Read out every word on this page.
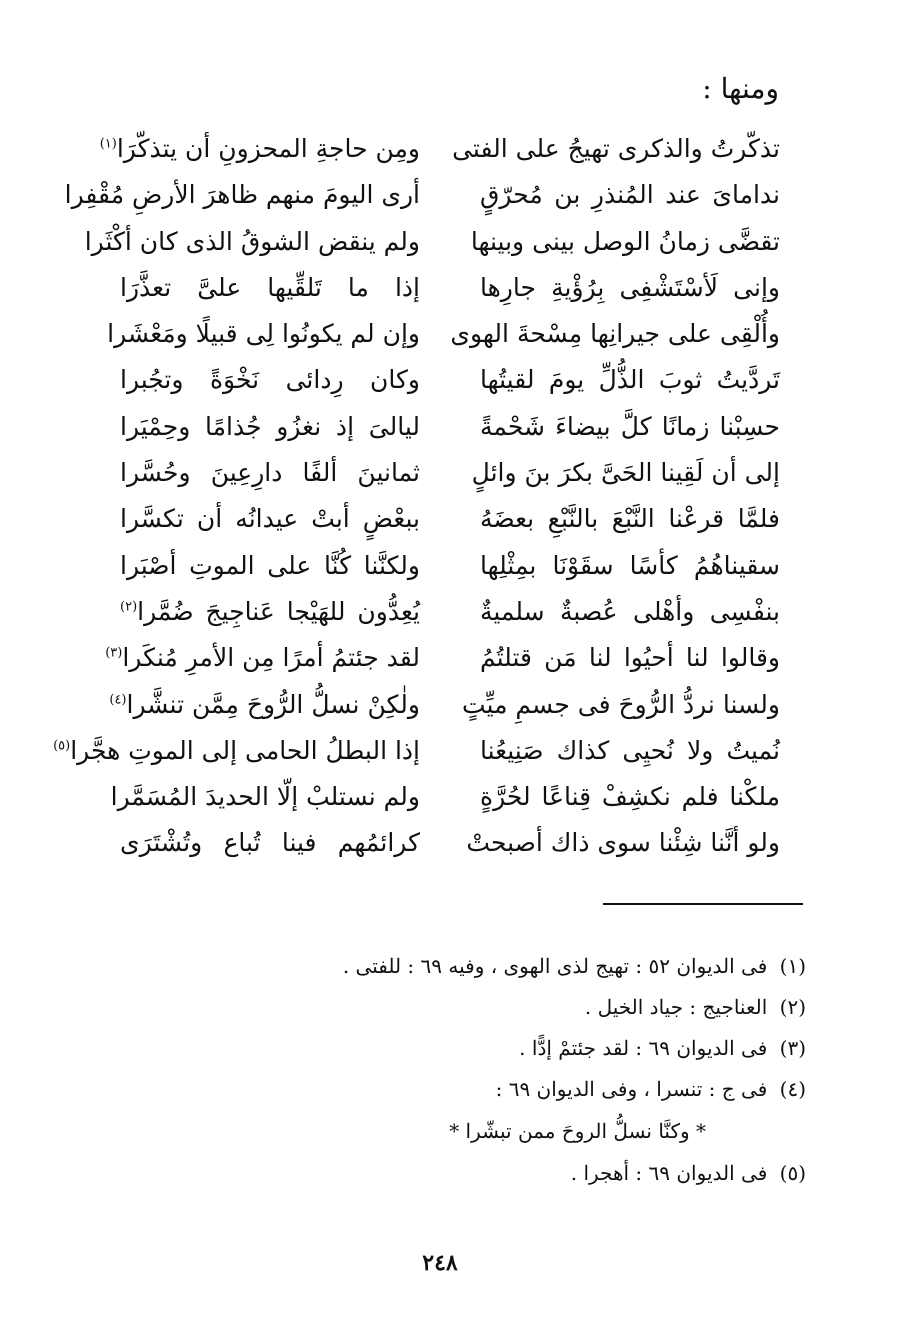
ومنها :
تذكّرتُ والذكرى تهيجُ على الفتى
ومِن حاجةِ المحزونِ أن يتذكّرَا$^{(١)}$
نداماىَ عند المُنذرِ بن مُحرّقٍ
أرى اليومَ منهم ظاهرَ الأرضِ مُقْفِرا
تقضَّى زمانُ الوصل بينى وبينها
ولم ينقض الشوقُ الذى كان أكْثَرا
وإنى لَأسْتَشْفِى بِرُؤْيةِ جارِها
إذا ما تَلقِّيها علىَّ تعذَّرَا
وأُلْقِى على جيرانِها مِسْحةَ الهوى
وإن لم يكونُوا لِى قبيلًا ومَعْشَرا
تَردَّيتُ ثوبَ الذُّلِّ يومَ لقيتُها
وكان رِدائى نَخْوَةً وتجُبرا
حسِبْنا زمانًا كلَّ بيضاءَ شَحْمةً
ليالىَ إذ نغزُو جُذامًا وحِمْيَرا
إلى أن لَقِينا الحَىَّ بكرَ بنَ وائلٍ
ثمانينَ ألفًا دارِعِينَ وحُسَّرا
فلمَّا قرعْنا النَّبْعَ بالنَّبْعِ بعضَهُ
ببعْضٍ أبتْ عيدانُه أن تكسَّرا
سقيناهُمُ كأسًا سقَوْنَا بمِثْلِها
ولكنَّنا كُنَّا على الموتِ أصْبَرا
بنفْسِى وأهْلى عُصبةٌ سلميةٌ
يُعِدُّون للهَيْجا عَناجِيجَ ضُمَّرا$^{(٢)}$
وقالوا لنا أحيُوا لنا مَن قتلتُمُ
لقد جئتمُ أمرًا مِن الأمرِ مُنكَرا$^{(٣)}$
ولسنا نردُّ الرُّوحَ فى جسمِ ميِّتٍ
ولٰكِنْ نسلُّ الرُّوحَ مِمَّن تنشَّرا$^{(٤)}$
نُميتُ ولا نُحيِى كذاك صَنِيعُنا
إذا البطلُ الحامى إلى الموتِ هجَّرا$^{(٥)}$
ملكْنا فلم نكشِفْ قِناعًا لحُرَّةٍ
ولم نستلبْ إلّا الحديدَ المُسَمَّرا
ولو أنَّنا شِئْنا سوى ذاك أصبحتْ
كرائمُهم فينا تُباع وتُشْتَرَى
(١) فى الديوان ٥٢ : تهيج لذى الهوى ، وفيه ٦٩ : للفتى .
(٢) العناجيج : جياد الخيل .
(٣) فى الديوان ٦٩ : لقد جئتمْ إدًّا .
(٤) فى ج : تنسرا ، وفى الديوان ٦٩ :
* وكنَّا نسلُّ الروحَ ممن تبشّرا *
(٥) فى الديوان ٦٩ : أهجرا .
٢٤٨
